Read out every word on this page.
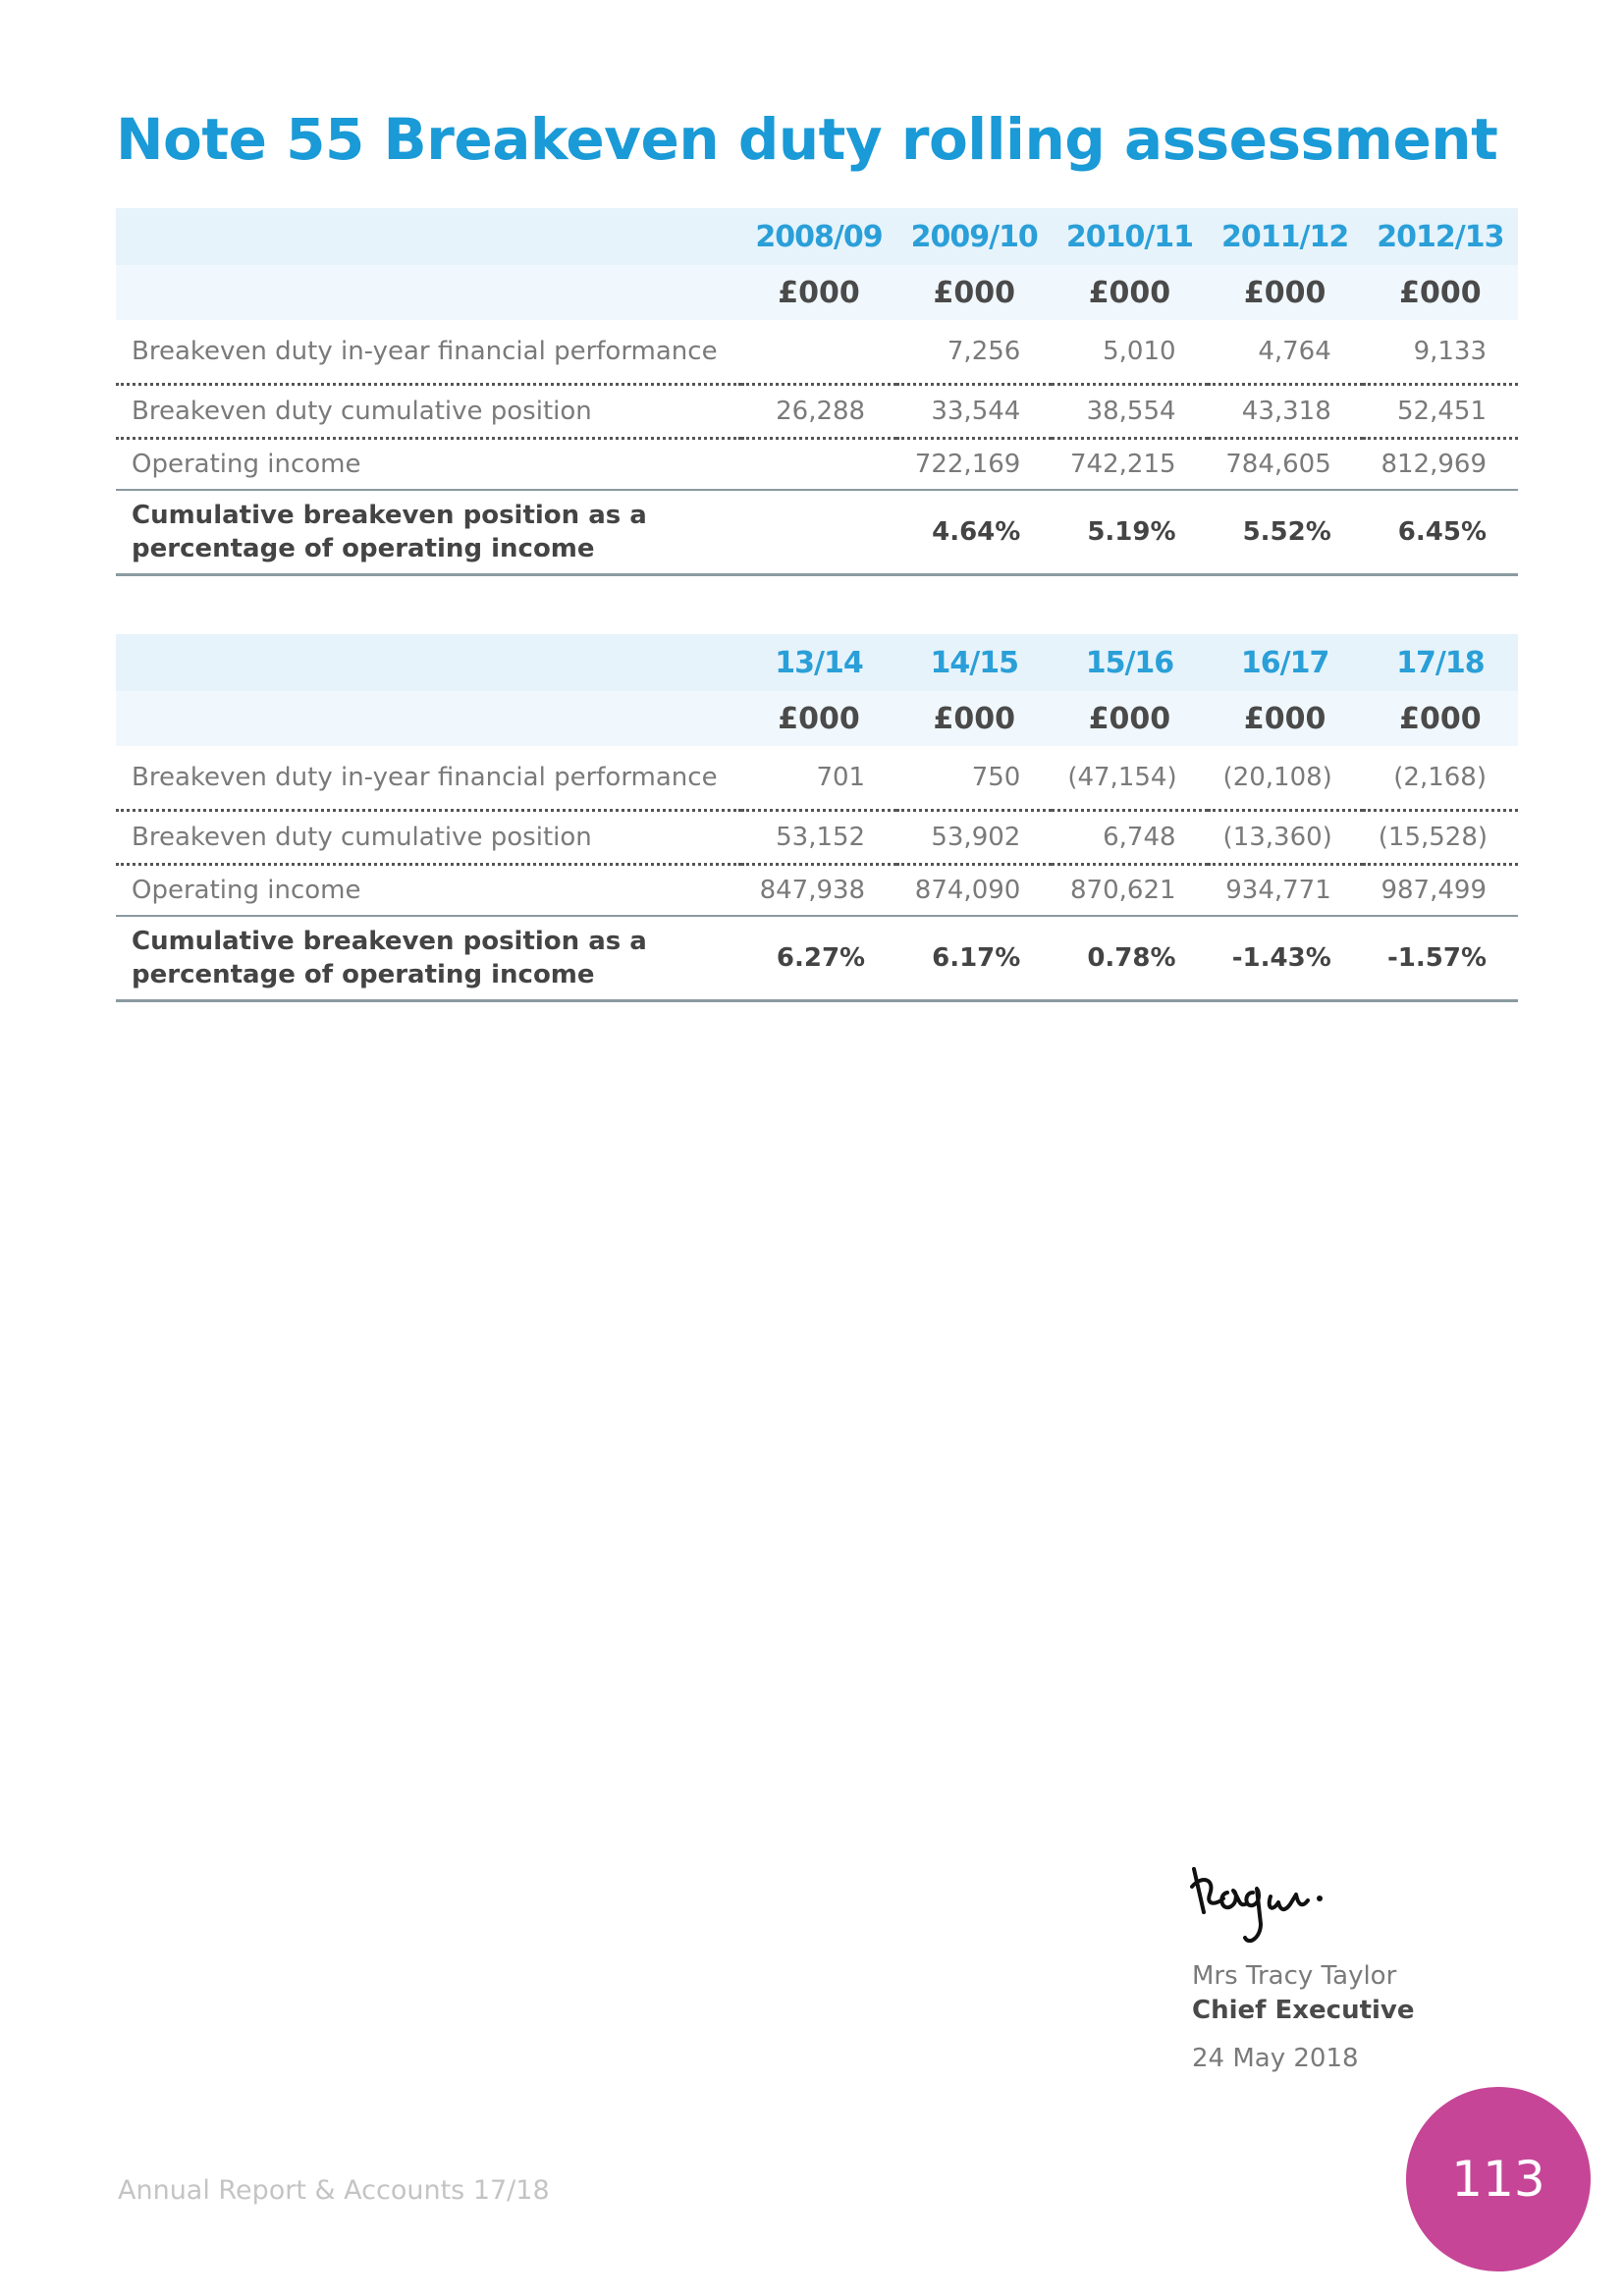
Note 55 Breakeven duty rolling assessment
	2008/09	2009/10	2010/11	2011/12	2012/13
	£000	£000	£000	£000	£000
Breakeven duty in-year financial performance		7,256	5,010	4,764	9,133
Breakeven duty cumulative position	26,288	33,544	38,554	43,318	52,451
Operating income		722,169	742,215	784,605	812,969
Cumulative breakeven position as a percentage of operating income		4.64%	5.19%	5.52%	6.45%
	13/14	14/15	15/16	16/17	17/18
	£000	£000	£000	£000	£000
Breakeven duty in-year financial performance	701	750	(47,154)	(20,108)	(2,168)
Breakeven duty cumulative position	53,152	53,902	6,748	(13,360)	(15,528)
Operating income	847,938	874,090	870,621	934,771	987,499
Cumulative breakeven position as a percentage of operating income	6.27%	6.17%	0.78%	-1.43%	-1.57%
Mrs Tracy Taylor
Chief Executive
24 May 2018
Annual Report & Accounts 17/18	113
